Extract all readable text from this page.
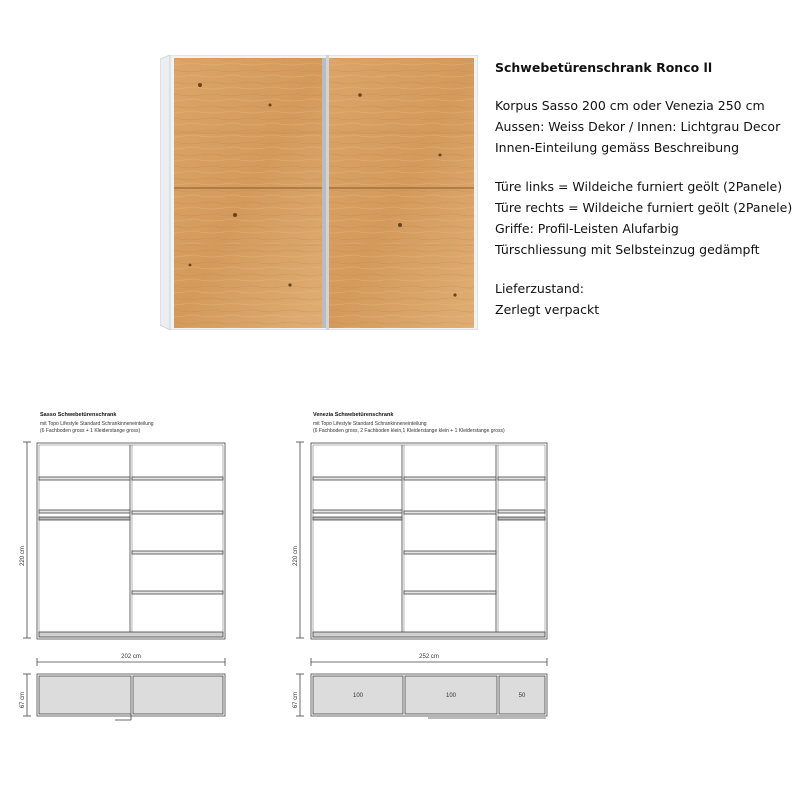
Schwebetürenschrank Ronco ll
Korpus Sasso 200 cm oder Venezia 250 cm
Aussen: Weiss Dekor / Innen: Lichtgrau Decor
Innen-Einteilung gemäss Beschreibung
Türe links = Wildeiche furniert geölt (2Panele)
Türe rechts = Wildeiche furniert geölt (2Panele)
Griffe: Profil-Leisten Alufarbig
Türschliessung mit Selbsteinzug gedämpft
Lieferzustand:
Zerlegt verpackt
Sasso Schwebetürenschrank
mit Topo Lifestyle Standard Schrankinneneinteilung
(6 Fachboden gross + 1 Kleiderstange gross)
220 cm
202 cm
67 cm
Venezia Schwebetürenschrank
mit Topo Lifestyle Standard Schrankinneneinteilung
(6 Fachboden gross, 2 Fachboden klein,1 Kleiderstange klein + 1 Kleiderstange gross)
220 cm
252 cm
67 cm	100	100	50
